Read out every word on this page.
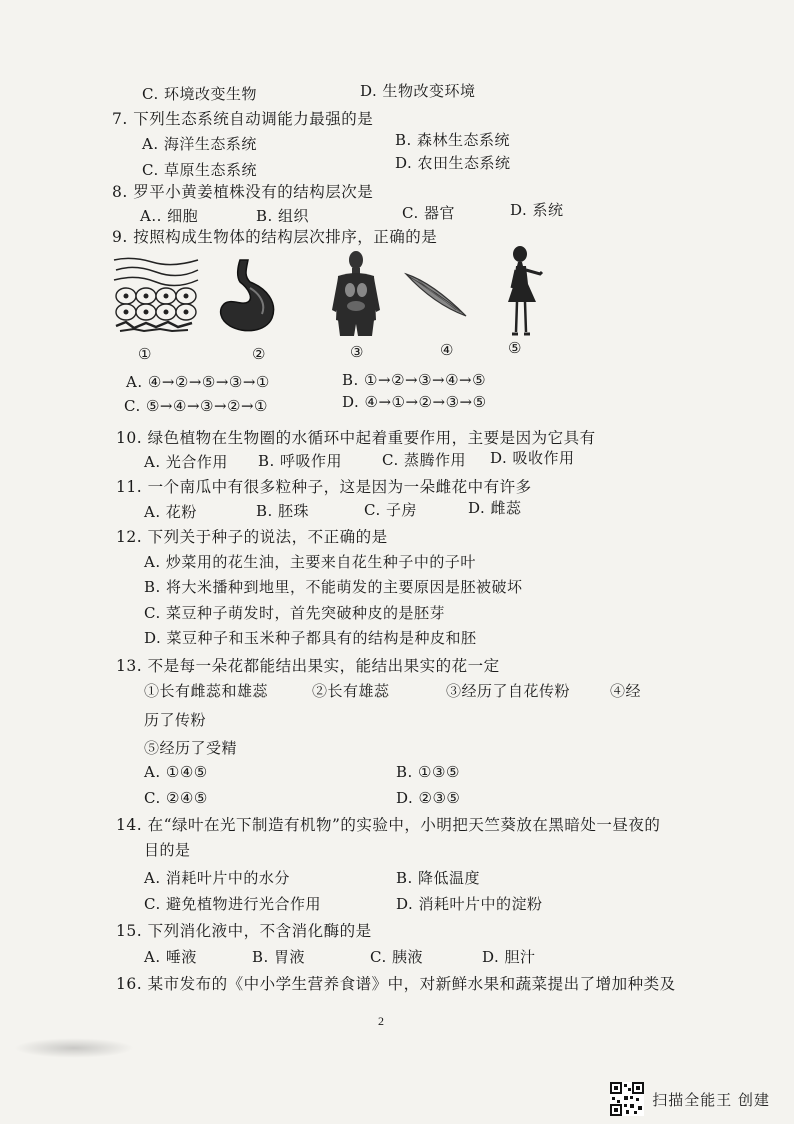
C. 环境改变生物	D. 生物改变环境
7. 下列生态系统自动调能力最强的是
A. 海洋生态系统	B. 森林生态系统
C. 草原生态系统	D. 农田生态系统
8. 罗平小黄姜植株没有的结构层次是
A.. 细胞	B. 组织	C. 器官	D. 系统
9. 按照构成生物体的结构层次排序，正确的是
①	②	③	④	⑤
A. ④→②→⑤→③→①	B. ①→②→③→④→⑤
C. ⑤→④→③→②→①	D. ④→①→②→③→⑤
10. 绿色植物在生物圈的水循环中起着重要作用，主要是因为它具有
A. 光合作用 B. 呼吸作用	C. 蒸腾作用 D. 吸收作用
11. 一个南瓜中有很多粒种子，这是因为一朵雌花中有许多
A. 花粉	B. 胚珠	C. 子房	D. 雌蕊
12. 下列关于种子的说法，不正确的是
A. 炒菜用的花生油，主要来自花生种子中的子叶
B. 将大米播种到地里，不能萌发的主要原因是胚被破坏
C. 菜豆种子萌发时，首先突破种皮的是胚芽
D. 菜豆种子和玉米种子都具有的结构是种皮和胚
13. 不是每一朵花都能结出果实，能结出果实的花一定
①长有雌蕊和雄蕊	②长有雄蕊	③经历了自花传粉	④经
历了传粉
⑤经历了受精
A. ①④⑤	B. ①③⑤
C. ②④⑤	D. ②③⑤
14. 在“绿叶在光下制造有机物”的实验中，小明把天竺葵放在黑暗处一昼夜的
目的是
A. 消耗叶片中的水分	B. 降低温度
C. 避免植物进行光合作用	D. 消耗叶片中的淀粉
15. 下列消化液中，不含消化酶的是
A. 唾液	B. 胃液	C. 胰液	D. 胆汁
16. 某市发布的《中小学生营养食谱》中，对新鲜水果和蔬菜提出了增加种类及
2
扫描全能王 创建
